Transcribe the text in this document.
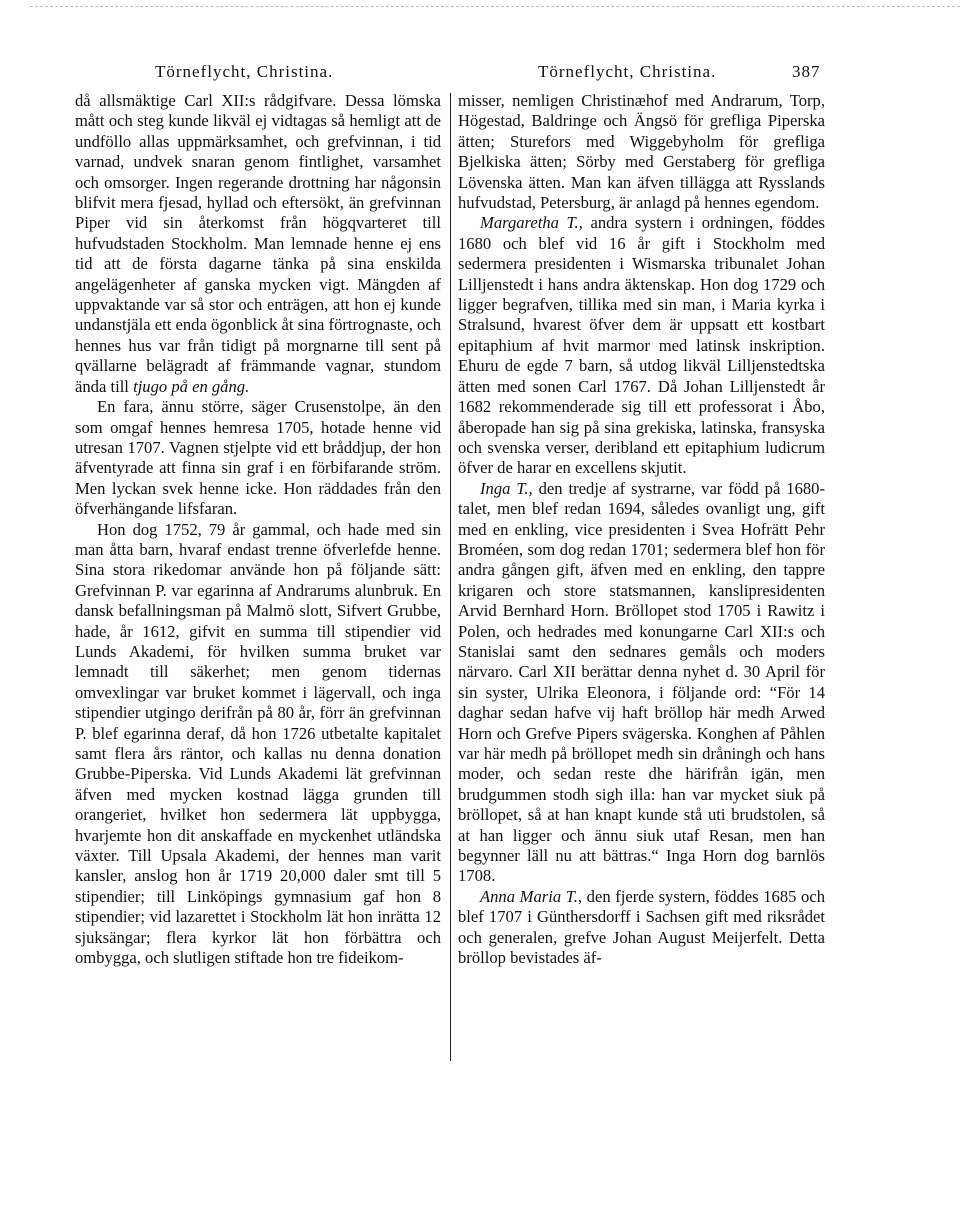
Törneflycht, Christina.	Törneflycht, Christina.	387

då allsmäktige Carl XII:s rådgifvare. Dessa lömska mått och steg kunde likväl ej vidtagas så hemligt att de undföllo allas uppmärksamhet, och grefvinnan, i tid varnad, undvek snaran genom fintlighet, varsamhet och omsorger. Ingen regerande drottning har någonsin blifvit mera fjesad, hyllad och eftersökt, än grefvinnan Piper vid sin återkomst från högqvarteret till hufvudstaden Stockholm. Man lemnade henne ej ens tid att de första dagarne tänka på sina enskilda angelägenheter af ganska mycken vigt. Mängden af uppvaktande var så stor och enträgen, att hon ej kunde undanstjäla ett enda ögonblick åt sina förtrognaste, och hennes hus var från tidigt på morgnarne till sent på qvällarne belägradt af främmande vagnar, stundom ända till tjugo på en gång.

En fara, ännu större, säger Crusenstolpe, än den som omgaf hennes hemresa 1705, hotade henne vid utresan 1707. Vagnen stjelpte vid ett bråddjup, der hon äfventyrade att finna sin graf i en förbifarande ström. Men lyckan svek henne icke. Hon räddades från den öfverhängande lifsfaran.

Hon dog 1752, 79 år gammal, och hade med sin man åtta barn, hvaraf endast trenne öfverlefde henne. Sina stora rikedomar använde hon på följande sätt: Grefvinnan P. var egarinna af Andrarums alunbruk. En dansk befallningsman på Malmö slott, Sifvert Grubbe, hade, år 1612, gifvit en summa till stipendier vid Lunds Akademi, för hvilken summa bruket var lemnadt till säkerhet; men genom tidernas omvexlingar var bruket kommet i lägervall, och inga stipendier utgingo derifrån på 80 år, förr än grefvinnan P. blef egarinna deraf, då hon 1726 utbetalte kapitalet samt flera års räntor, och kallas nu denna donation Grubbe-Piperska. Vid Lunds Akademi lät grefvinnan äfven med mycken kostnad lägga grunden till orangeriet, hvilket hon sedermera lät uppbygga, hvarjemte hon dit anskaffade en myckenhet utländska växter. Till Upsala Akademi, der hennes man varit kansler, anslog hon år 1719 20,000 daler smt till 5 stipendier; till Linköpings gymnasium gaf hon 8 stipendier; vid lazarettet i Stockholm lät hon inrätta 12 sjuksängar; flera kyrkor lät hon förbättra och ombygga, och slutligen stiftade hon tre fideikom-

misser, nemligen Christinæhof med Andrarum, Torp, Högestad, Baldringe och Ängsö för grefliga Piperska ätten; Sturefors med Wiggebyholm för grefliga Bjelkiska ätten; Sörby med Gerstaberg för grefliga Lövenska ätten. Man kan äfven tillägga att Rysslands hufvudstad, Petersburg, är anlagd på hennes egendom.

Margaretha T., andra systern i ordningen, föddes 1680 och blef vid 16 år gift i Stockholm med sedermera presidenten i Wismarska tribunalet Johan Lilljenstedt i hans andra äktenskap. Hon dog 1729 och ligger begrafven, tillika med sin man, i Maria kyrka i Stralsund, hvarest öfver dem är uppsatt ett kostbart epitaphium af hvit marmor med latinsk inskription. Ehuru de egde 7 barn, så utdog likväl Lilljenstedtska ätten med sonen Carl 1767. Då Johan Lilljenstedt år 1682 rekommenderade sig till ett professorat i Åbo, åberopade han sig på sina grekiska, latinska, fransyska och svenska verser, deribland ett epitaphium ludicrum öfver de harar en excellens skjutit.

Inga T., den tredje af systrarne, var född på 1680-talet, men blef redan 1694, således ovanligt ung, gift med en enkling, vice presidenten i Svea Hofrätt Pehr Broméen, som dog redan 1701; sedermera blef hon för andra gången gift, äfven med en enkling, den tappre krigaren och store statsmannen, kanslipresidenten Arvid Bernhard Horn. Bröllopet stod 1705 i Rawitz i Polen, och hedrades med konungarne Carl XII:s och Stanislai samt den sednares gemåls och moders närvaro. Carl XII berättar denna nyhet d. 30 April för sin syster, Ulrika Eleonora, i följande ord: “För 14 daghar sedan hafve vij haft bröllop här medh Arwed Horn och Grefve Pipers svägerska. Konghen af Påhlen var här medh på bröllopet medh sin dråningh och hans moder, och sedan reste dhe härifrån igän, men brudgummen stodh sigh illa: han var mycket siuk på bröllopet, så at han knapt kunde stå uti brudstolen, så at han ligger och ännu siuk utaf Resan, men han begynner läll nu att bättras.“ Inga Horn dog barnlös 1708.

Anna Maria T., den fjerde systern, föddes 1685 och blef 1707 i Günthersdorff i Sachsen gift med riksrådet och generalen, grefve Johan August Meijerfelt. Detta bröllop bevistades äf-
